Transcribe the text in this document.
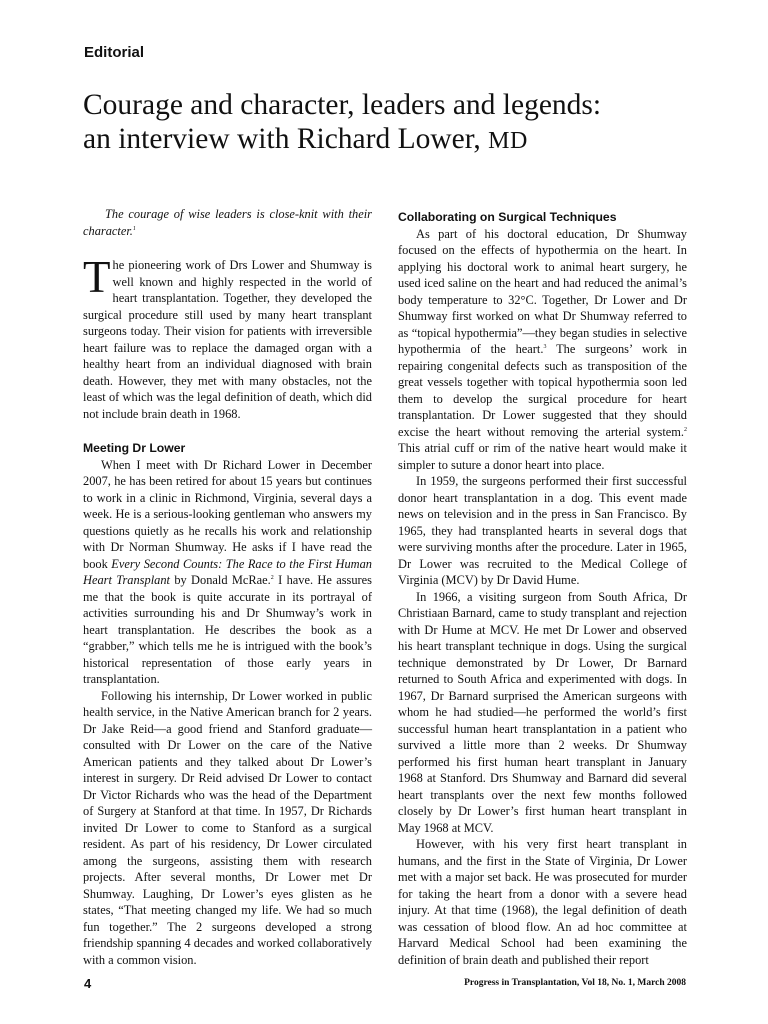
Editorial
Courage and character, leaders and legends:
an interview with Richard Lower, MD

The courage of wise leaders is close-knit with their character.$^1$

The pioneering work of Drs Lower and Shumway is well known and highly respected in the world of heart transplantation. Together, they developed the surgical procedure still used by many heart transplant surgeons today. Their vision for patients with irreversible heart failure was to replace the damaged organ with a healthy heart from an individual diagnosed with brain death. However, they met with many obstacles, not the least of which was the legal definition of death, which did not include brain death in 1968.

Meeting Dr Lower

When I meet with Dr Richard Lower in December 2007, he has been retired for about 15 years but continues to work in a clinic in Richmond, Virginia, several days a week. He is a serious-looking gentleman who answers my questions quietly as he recalls his work and relationship with Dr Norman Shumway. He asks if I have read the book Every Second Counts: The Race to the First Human Heart Transplant by Donald McRae.$^2$ I have. He assures me that the book is quite accurate in its portrayal of activities surrounding his and Dr Shumway’s work in heart transplantation. He describes the book as a “grabber,” which tells me he is intrigued with the book’s historical representation of those early years in transplantation.

Following his internship, Dr Lower worked in public health service, in the Native American branch for 2 years. Dr Jake Reid—a good friend and Stanford graduate—consulted with Dr Lower on the care of the Native American patients and they talked about Dr Lower’s interest in surgery. Dr Reid advised Dr Lower to contact Dr Victor Richards who was the head of the Department of Surgery at Stanford at that time. In 1957, Dr Richards invited Dr Lower to come to Stanford as a surgical resident. As part of his residency, Dr Lower circulated among the surgeons, assisting them with research projects. After several months, Dr Lower met Dr Shumway. Laughing, Dr Lower’s eyes glisten as he states, “That meeting changed my life. We had so much fun together.” The 2 surgeons developed a strong friendship spanning 4 decades and worked collaboratively with a common vision.

Collaborating on Surgical Techniques

As part of his doctoral education, Dr Shumway focused on the effects of hypothermia on the heart. In applying his doctoral work to animal heart surgery, he used iced saline on the heart and had reduced the animal’s body temperature to 32°C. Together, Dr Lower and Dr Shumway first worked on what Dr Shumway referred to as “topical hypothermia”—they began studies in selective hypothermia of the heart.$^3$ The surgeons’ work in repairing congenital defects such as transposition of the great vessels together with topical hypothermia soon led them to develop the surgical procedure for heart transplantation. Dr Lower suggested that they should excise the heart without removing the arterial system.$^2$ This atrial cuff or rim of the native heart would make it simpler to suture a donor heart into place.

In 1959, the surgeons performed their first successful donor heart transplantation in a dog. This event made news on television and in the press in San Francisco. By 1965, they had transplanted hearts in several dogs that were surviving months after the procedure. Later in 1965, Dr Lower was recruited to the Medical College of Virginia (MCV) by Dr David Hume.

In 1966, a visiting surgeon from South Africa, Dr Christiaan Barnard, came to study transplant and rejection with Dr Hume at MCV. He met Dr Lower and observed his heart transplant technique in dogs. Using the surgical technique demonstrated by Dr Lower, Dr Barnard returned to South Africa and experimented with dogs. In 1967, Dr Barnard surprised the American surgeons with whom he had studied—he performed the world’s first successful human heart transplantation in a patient who survived a little more than 2 weeks. Dr Shumway performed his first human heart transplant in January 1968 at Stanford. Drs Shumway and Barnard did several heart transplants over the next few months followed closely by Dr Lower’s first human heart transplant in May 1968 at MCV.

However, with his very first heart transplant in humans, and the first in the State of Virginia, Dr Lower met with a major set back. He was prosecuted for murder for taking the heart from a donor with a severe head injury. At that time (1968), the legal definition of death was cessation of blood flow. An ad hoc committee at Harvard Medical School had been examining the definition of brain death and published their report

4	Progress in Transplantation, Vol 18, No. 1, March 2008
